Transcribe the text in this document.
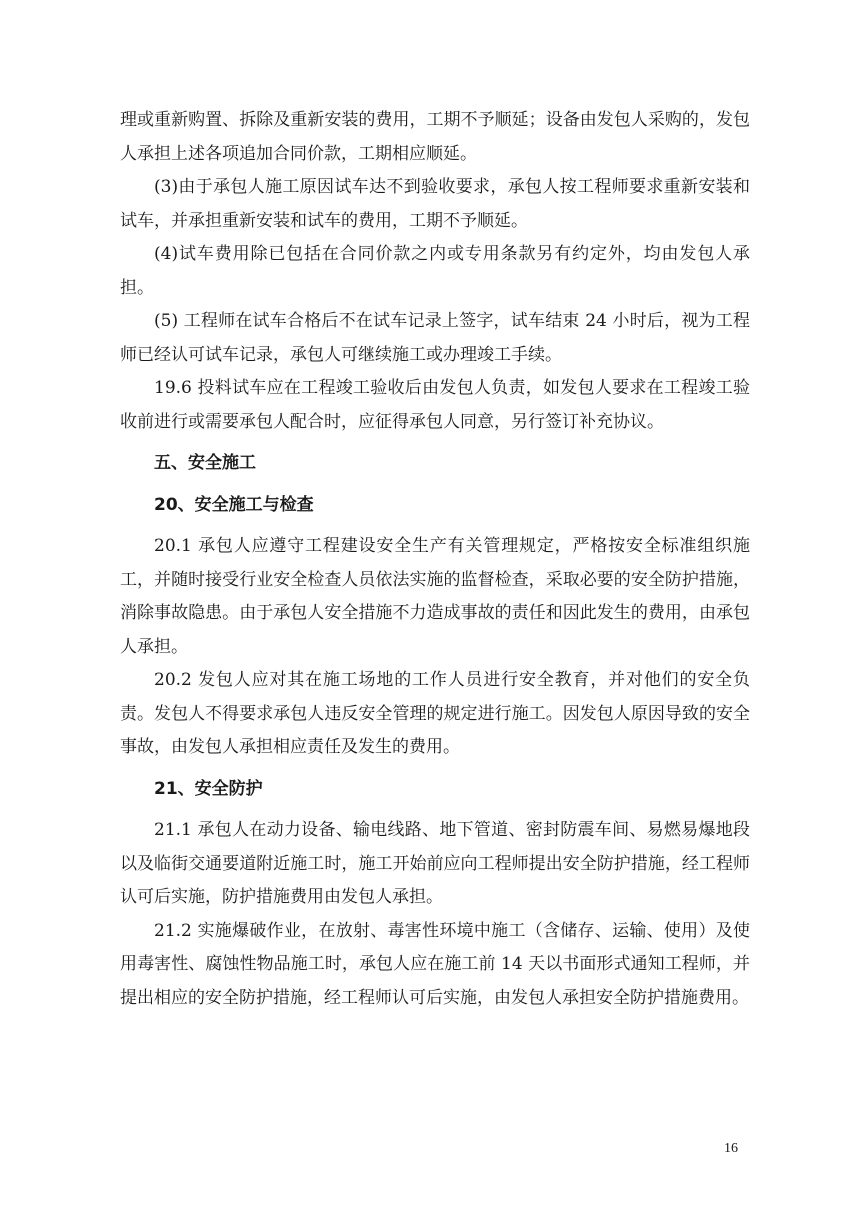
理或重新购置、拆除及重新安装的费用，工期不予顺延；设备由发包人采购的，发包人承担上述各项追加合同价款，工期相应顺延。

(3)由于承包人施工原因试车达不到验收要求，承包人按工程师要求重新安装和试车，并承担重新安装和试车的费用，工期不予顺延。

(4)试车费用除已包括在合同价款之内或专用条款另有约定外，均由发包人承担。

(5) 工程师在试车合格后不在试车记录上签字，试车结束 24 小时后，视为工程师已经认可试车记录，承包人可继续施工或办理竣工手续。

19.6 投料试车应在工程竣工验收后由发包人负责，如发包人要求在工程竣工验收前进行或需要承包人配合时，应征得承包人同意，另行签订补充协议。

五、安全施工
20、安全施工与检查

20.1 承包人应遵守工程建设安全生产有关管理规定，严格按安全标准组织施工，并随时接受行业安全检查人员依法实施的监督检查，采取必要的安全防护措施，消除事故隐患。由于承包人安全措施不力造成事故的责任和因此发生的费用，由承包人承担。

20.2 发包人应对其在施工场地的工作人员进行安全教育，并对他们的安全负责。发包人不得要求承包人违反安全管理的规定进行施工。因发包人原因导致的安全事故，由发包人承担相应责任及发生的费用。

21、安全防护

21.1 承包人在动力设备、输电线路、地下管道、密封防震车间、易燃易爆地段以及临街交通要道附近施工时，施工开始前应向工程师提出安全防护措施，经工程师认可后实施，防护措施费用由发包人承担。

21.2 实施爆破作业，在放射、毒害性环境中施工（含储存、运输、使用）及使用毒害性、腐蚀性物品施工时，承包人应在施工前 14 天以书面形式通知工程师，并提出相应的安全防护措施，经工程师认可后实施，由发包人承担安全防护措施费用。

16
